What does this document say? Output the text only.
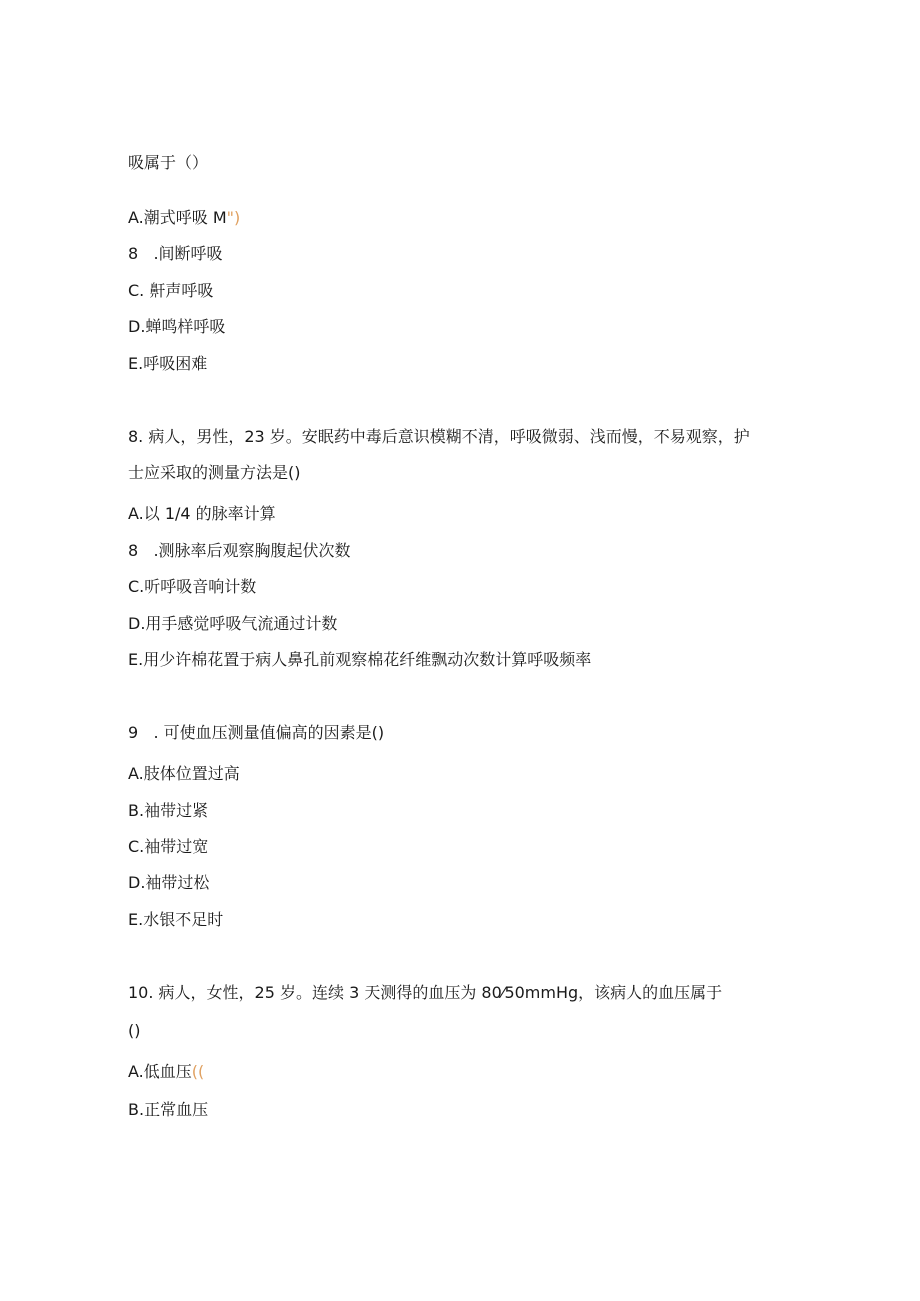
吸属于（）
A.潮式呼吸 M")
8   .间断呼吸
C. 鼾声呼吸
D.蝉鸣样呼吸
E.呼吸困难
8. 病人，男性，23 岁。安眠药中毒后意识模糊不清，呼吸微弱、浅而慢，不易观察，护
士应采取的测量方法是()
A.以 1/4 的脉率计算
8   .测脉率后观察胸腹起伏次数
C.听呼吸音响计数
D.用手感觉呼吸气流通过计数
E.用少许棉花置于病人鼻孔前观察棉花纤维飘动次数计算呼吸频率
9   . 可使血压测量值偏高的因素是()
A.肢体位置过高
B.袖带过紧
C.袖带过宽
D.袖带过松
E.水银不足时
10. 病人，女性，25 岁。连续 3 天测得的血压为 80⁄50mmHg，该病人的血压属于
()
A.低血压((
B.正常血压
